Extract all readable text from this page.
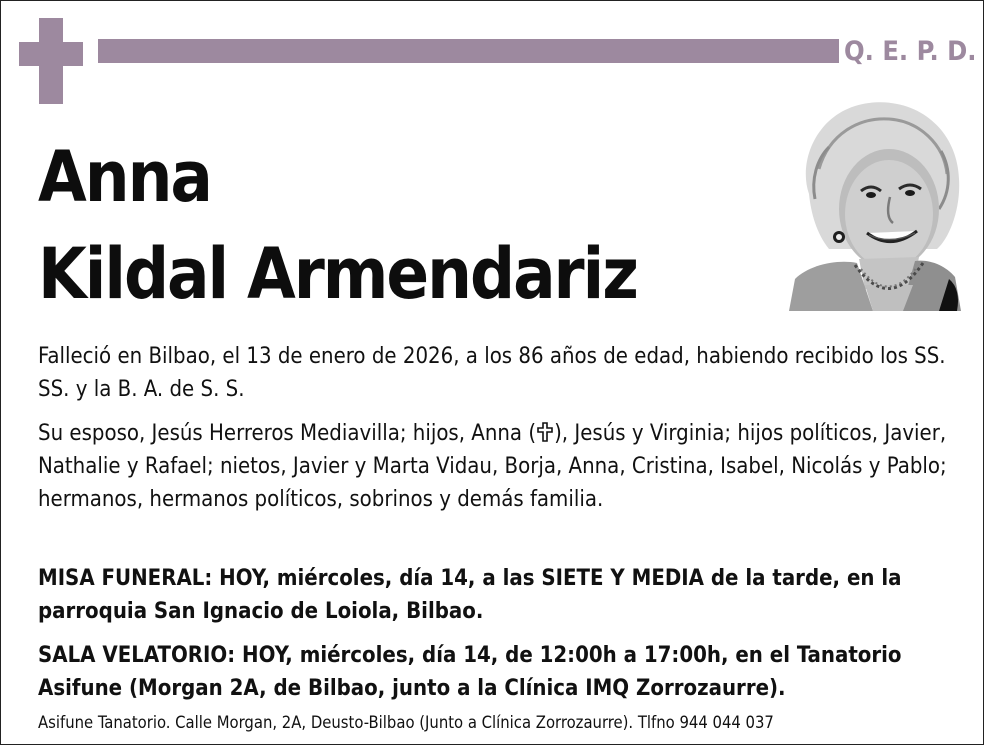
Q. E. P. D.
Anna
Kildal Armendariz

Falleció en Bilbao, el 13 de enero de 2026, a los 86 años de edad, habiendo recibido los SS. SS. y la B. A. de S. S.

Su esposo, Jesús Herreros Mediavilla; hijos, Anna ( ), Jesús y Virginia; hijos políticos, Javier, Nathalie y Rafael; nietos, Javier y Marta Vidau, Borja, Anna, Cristina, Isabel, Nicolás y Pablo; hermanos, hermanos políticos, sobrinos y demás familia.

MISA FUNERAL: HOY, miércoles, día 14, a las SIETE Y MEDIA de la tarde, en la parroquia San Ignacio de Loiola, Bilbao.

SALA VELATORIO: HOY, miércoles, día 14, de 12:00h a 17:00h, en el Tanatorio Asifune (Morgan 2A, de Bilbao, junto a la Clínica IMQ Zorrozaurre).

Asifune Tanatorio. Calle Morgan, 2A, Deusto-Bilbao (Junto a Clínica Zorrozaurre). Tlfno 944 044 037
